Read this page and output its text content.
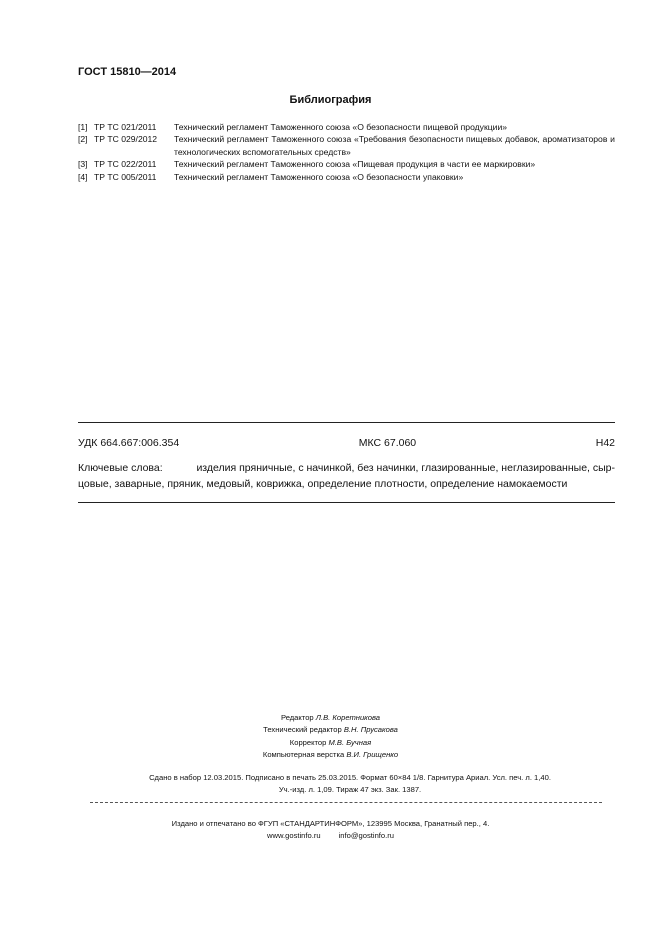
ГОСТ 15810—2014
Библиография
[1] ТР ТС 021/2011	Технический регламент Таможенного союза «О безопасности пищевой продукции»
[2] ТР ТС 029/2012	Технический регламент Таможенного союза «Требования безопасности пищевых добавок, ароматизаторов и технологических вспомогательных средств»
[3] ТР ТС 022/2011	Технический регламент Таможенного союза «Пищевая продукция в части ее маркировки»
[4] ТР ТС 005/2011	Технический регламент Таможенного союза «О безопасности упаковки»
УДК 664.667:006.354	МКС 67.060	Н42
Ключевые слова:	изделия пряничные, с начинкой, без начинки, глазированные, неглазированные, сыр-
цовые, заварные, пряник, медовый, коврижка, определение плотности, определение намокаемости
Редактор Л.В. Коретникова
Технический редактор В.Н. Прусакова
Корректор М.В. Бучная
Компьютерная верстка В.И. Грищенко
Сдано в набор 12.03.2015. Подписано в печать 25.03.2015. Формат 60×84 1/8. Гарнитура Ариал. Усл. печ. л. 1,40.
Уч.-изд. л. 1,09. Тираж 47 экз. Зак. 1387.
Издано и отпечатано во ФГУП «СТАНДАРТИНФОРМ», 123995 Москва, Гранатный пер., 4.
www.gostinfo.ru info@gostinfo.ru
